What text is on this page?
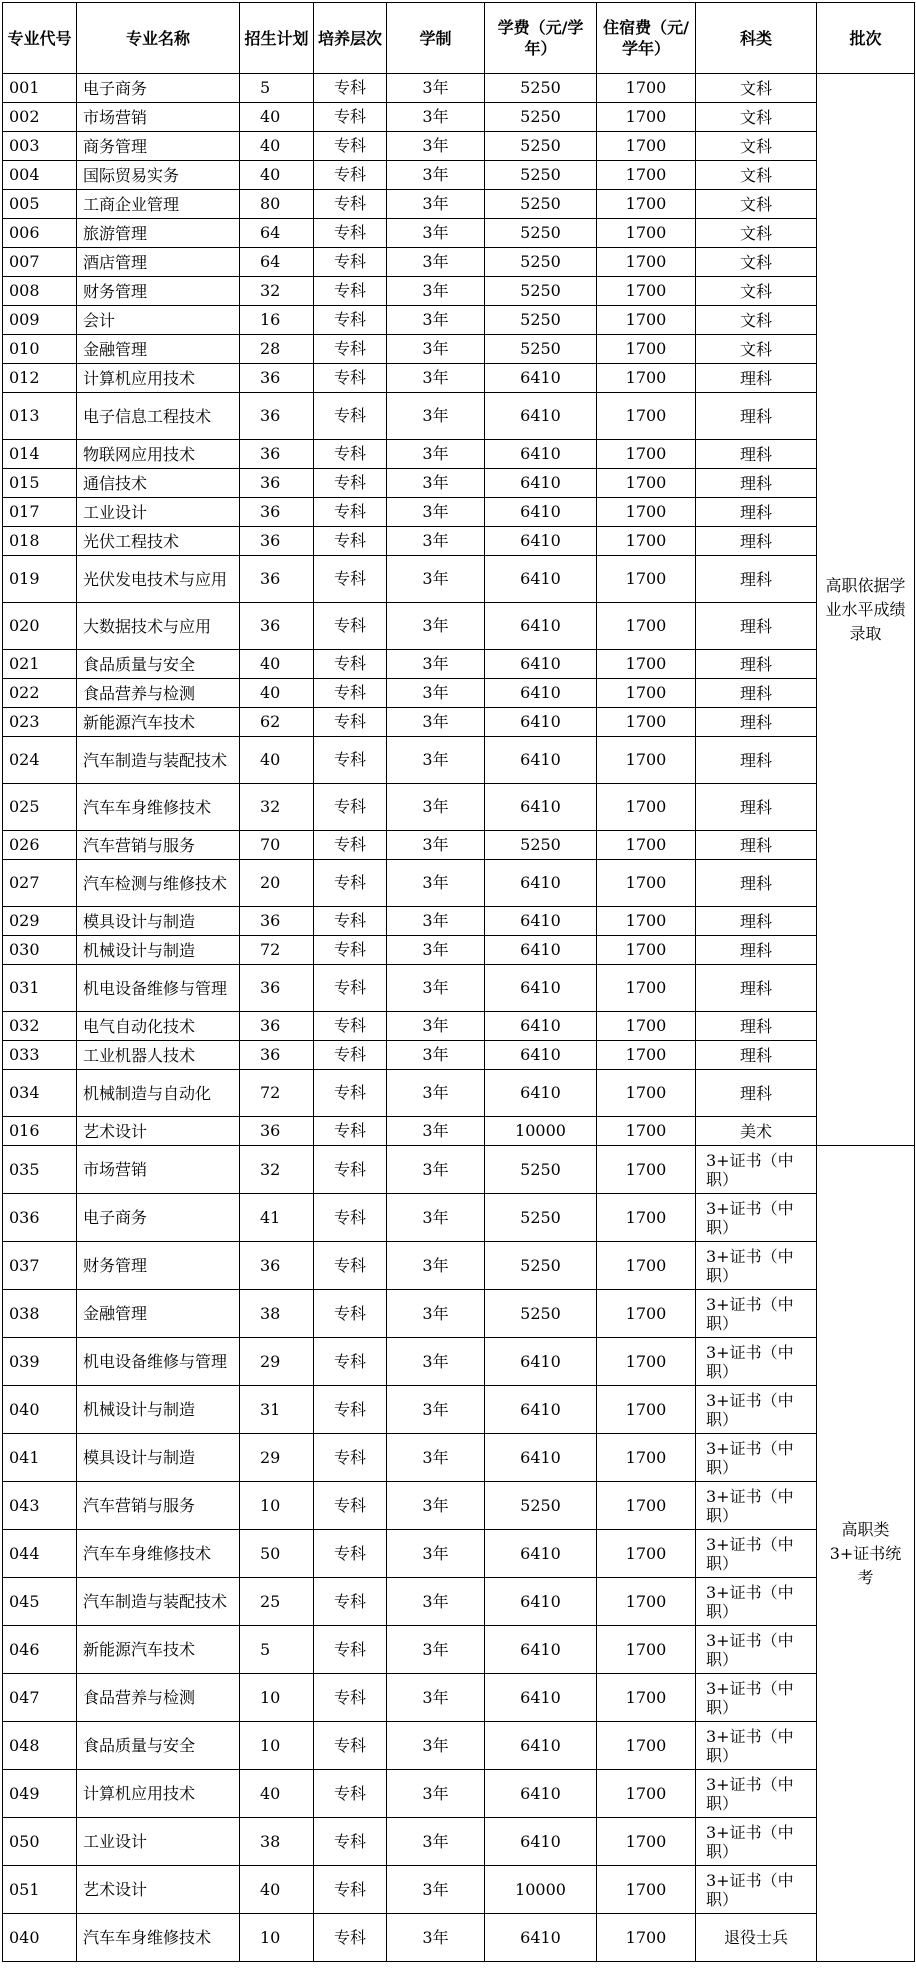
专业代号	专业名称	招生计划	培养层次	学制	学费（元/学年）	住宿费（元/学年）	科类	批次
001	电子商务	5	专科	3年	5250	1700	文科	高职依据学业水平成绩录取
002	市场营销	40	专科	3年	5250	1700	文科	
003	商务管理	40	专科	3年	5250	1700	文科	
004	国际贸易实务	40	专科	3年	5250	1700	文科	
005	工商企业管理	80	专科	3年	5250	1700	文科	
006	旅游管理	64	专科	3年	5250	1700	文科	
007	酒店管理	64	专科	3年	5250	1700	文科	
008	财务管理	32	专科	3年	5250	1700	文科	
009	会计	16	专科	3年	5250	1700	文科	
010	金融管理	28	专科	3年	5250	1700	文科	
012	计算机应用技术	36	专科	3年	6410	1700	理科	
013	电子信息工程技术	36	专科	3年	6410	1700	理科	
014	物联网应用技术	36	专科	3年	6410	1700	理科	
015	通信技术	36	专科	3年	6410	1700	理科	
017	工业设计	36	专科	3年	6410	1700	理科	
018	光伏工程技术	36	专科	3年	6410	1700	理科	
019	光伏发电技术与应用	36	专科	3年	6410	1700	理科	
020	大数据技术与应用	36	专科	3年	6410	1700	理科	
021	食品质量与安全	40	专科	3年	6410	1700	理科	
022	食品营养与检测	40	专科	3年	6410	1700	理科	
023	新能源汽车技术	62	专科	3年	6410	1700	理科	
024	汽车制造与装配技术	40	专科	3年	6410	1700	理科	
025	汽车车身维修技术	32	专科	3年	6410	1700	理科	
026	汽车营销与服务	70	专科	3年	5250	1700	理科	
027	汽车检测与维修技术	20	专科	3年	6410	1700	理科	
029	模具设计与制造	36	专科	3年	6410	1700	理科	
030	机械设计与制造	72	专科	3年	6410	1700	理科	
031	机电设备维修与管理	36	专科	3年	6410	1700	理科	
032	电气自动化技术	36	专科	3年	6410	1700	理科	
033	工业机器人技术	36	专科	3年	6410	1700	理科	
034	机械制造与自动化	72	专科	3年	6410	1700	理科	
016	艺术设计	36	专科	3年	10000	1700	美术	
035	市场营销	32	专科	3年	5250	1700	3+证书（中职）	高职类3+证书统考
036	电子商务	41	专科	3年	5250	1700	3+证书（中职）	
037	财务管理	36	专科	3年	5250	1700	3+证书（中职）	
038	金融管理	38	专科	3年	5250	1700	3+证书（中职）	
039	机电设备维修与管理	29	专科	3年	6410	1700	3+证书（中职）	
040	机械设计与制造	31	专科	3年	6410	1700	3+证书（中职）	
041	模具设计与制造	29	专科	3年	6410	1700	3+证书（中职）	
043	汽车营销与服务	10	专科	3年	5250	1700	3+证书（中职）	
044	汽车车身维修技术	50	专科	3年	6410	1700	3+证书（中职）	
045	汽车制造与装配技术	25	专科	3年	6410	1700	3+证书（中职）	
046	新能源汽车技术	5	专科	3年	6410	1700	3+证书（中职）	
047	食品营养与检测	10	专科	3年	6410	1700	3+证书（中职）	
048	食品质量与安全	10	专科	3年	6410	1700	3+证书（中职）	
049	计算机应用技术	40	专科	3年	6410	1700	3+证书（中职）	
050	工业设计	38	专科	3年	6410	1700	3+证书（中职）	
051	艺术设计	40	专科	3年	10000	1700	3+证书（中职）	
040	汽车车身维修技术	10	专科	3年	6410	1700	退役士兵	
